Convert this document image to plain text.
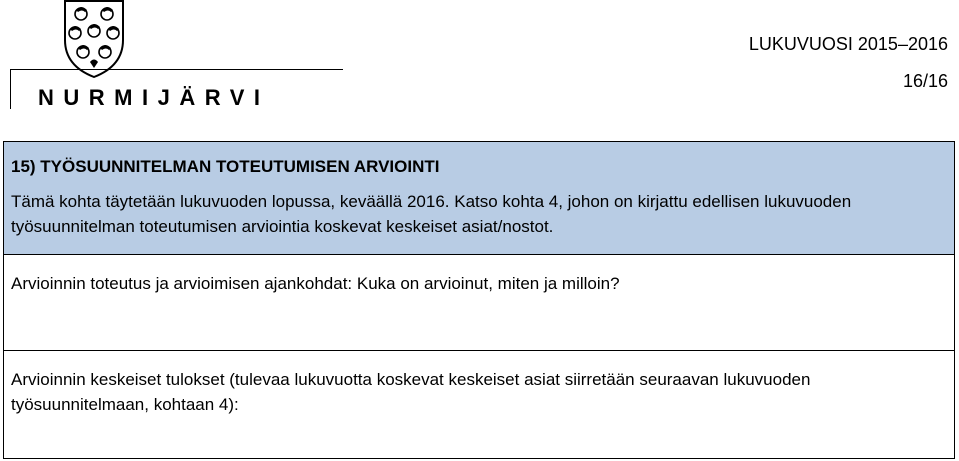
NURMIJÄRVI
LUKUVUOSI 2015–2016
16/16
15) TYÖSUUNNITELMAN TOTEUTUMISEN ARVIOINTI
Tämä kohta täytetään lukuvuoden lopussa, keväällä 2016. Katso kohta 4, johon on kirjattu edellisen lukuvuoden työsuunnitelman toteutumisen arviointia koskevat keskeiset asiat/nostot.
Arvioinnin toteutus ja arvioimisen ajankohdat: Kuka on arvioinut, miten ja milloin?
Arvioinnin keskeiset tulokset (tulevaa lukuvuotta koskevat keskeiset asiat siirretään seuraavan lukuvuoden työsuunnitelmaan, kohtaan 4):
